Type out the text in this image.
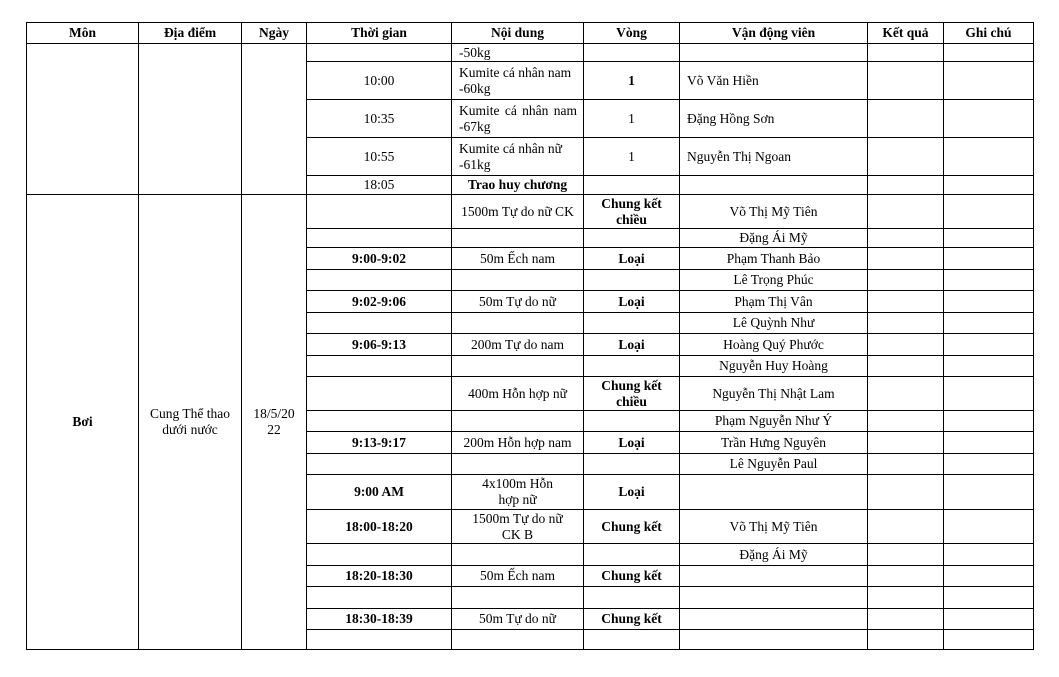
Môn	Địa điểm	Ngày	Thời gian	Nội dung	Vòng	Vận động viên	Kết quả	Ghi chú
				-50kg				
			10:00	Kumite cá nhân nam -60kg	1	Võ Văn Hiền		
			10:35	Kumite cá nhân nam -67kg	1	Đặng Hồng Sơn		
			10:55	Kumite cá nhân nữ -61kg	1	Nguyễn Thị Ngoan		
			18:05	Trao huy chương				
Bơi	Cung Thể thao dưới nước	18/5/2022		1500m Tự do nữ CK	Chung kết chiều	Võ Thị Mỹ Tiên		
						Đặng Ái Mỹ		
			9:00-9:02	50m Ếch nam	Loại	Phạm Thanh Bảo		
						Lê Trọng Phúc		
			9:02-9:06	50m Tự do nữ	Loại	Phạm Thị Vân		
						Lê Quỳnh Như		
			9:06-9:13	200m Tự do nam	Loại	Hoàng Quý Phước		
						Nguyễn Huy Hoàng		
				400m Hỗn hợp nữ	Chung kết chiều	Nguyễn Thị Nhật Lam		
						Phạm Nguyễn Như Ý		
			9:13-9:17	200m Hỗn hợp nam	Loại	Trần Hưng Nguyên		
						Lê Nguyễn Paul		
			9:00 AM	4x100m Hỗn hợp nữ	Loại			
			18:00-18:20	1500m Tự do nữ CK B	Chung kết	Võ Thị Mỹ Tiên		
						Đặng Ái Mỹ		
			18:20-18:30	50m Ếch nam	Chung kết			

			18:30-18:39	50m Tự do nữ	Chung kết			
